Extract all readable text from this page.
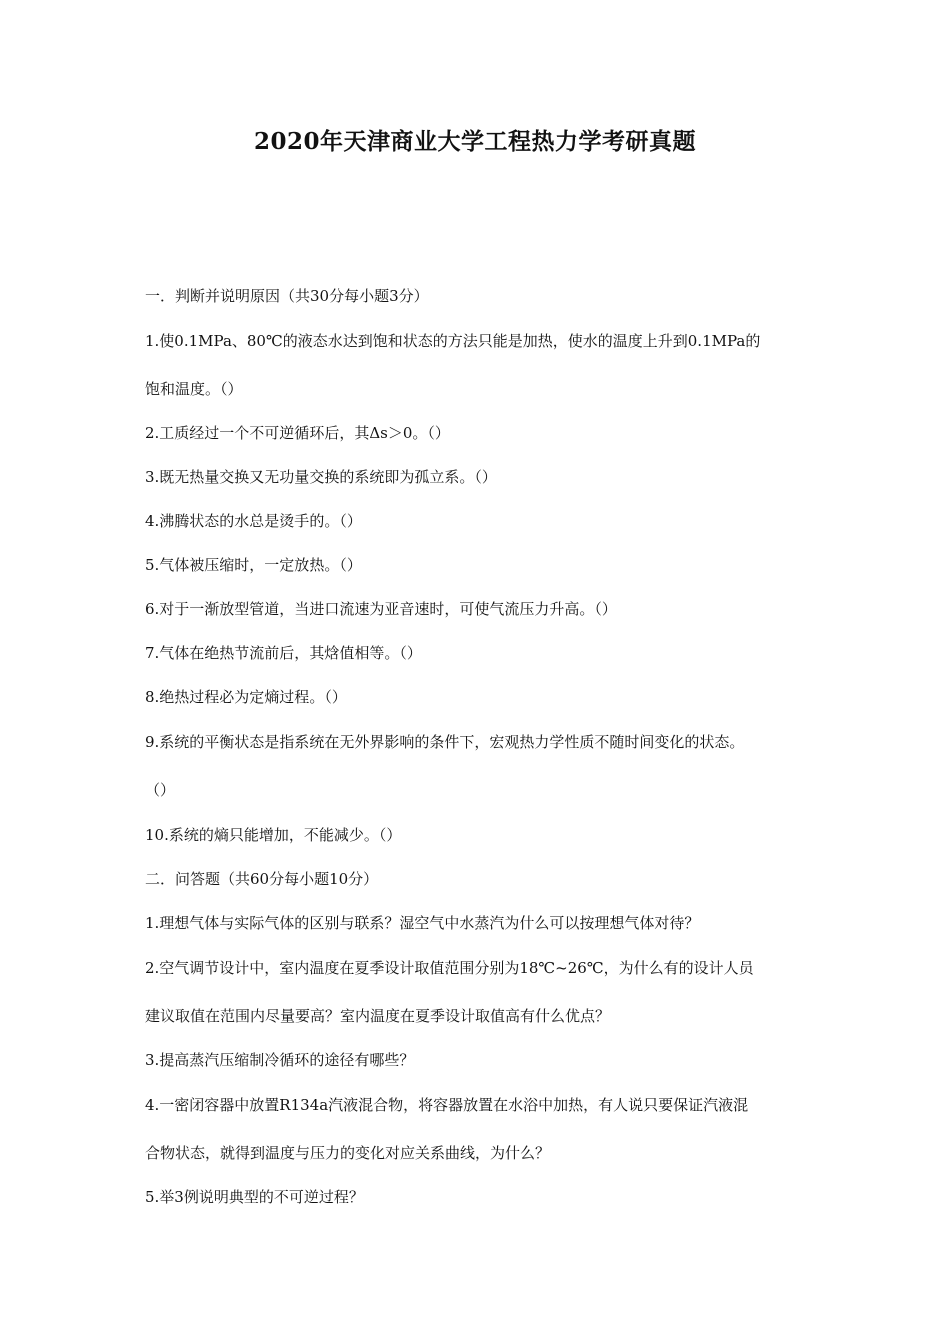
2020年天津商业大学工程热力学考研真题
一．判断并说明原因（共30分每小题3分）
1.使0.1MPa、80℃的液态水达到饱和状态的方法只能是加热，使水的温度上升到0.1MPa的
饱和温度。（）
2.工质经过一个不可逆循环后，其Δs＞0。（）
3.既无热量交换又无功量交换的系统即为孤立系。（）
4.沸腾状态的水总是烫手的。（）
5.气体被压缩时，一定放热。（）
6.对于一渐放型管道，当进口流速为亚音速时，可使气流压力升高。（）
7.气体在绝热节流前后，其焓值相等。（）
8.绝热过程必为定熵过程。（）
9.系统的平衡状态是指系统在无外界影响的条件下，宏观热力学性质不随时间变化的状态。
（）
10.系统的熵只能增加，不能减少。（）
二．问答题（共60分每小题10分）
1.理想气体与实际气体的区别与联系？湿空气中水蒸汽为什么可以按理想气体对待？
2.空气调节设计中，室内温度在夏季设计取值范围分别为18℃~26℃，为什么有的设计人员
建议取值在范围内尽量要高？室内温度在夏季设计取值高有什么优点？
3.提高蒸汽压缩制冷循环的途径有哪些？
4.一密闭容器中放置R134a汽液混合物，将容器放置在水浴中加热，有人说只要保证汽液混
合物状态，就得到温度与压力的变化对应关系曲线，为什么？
5.举3例说明典型的不可逆过程？
